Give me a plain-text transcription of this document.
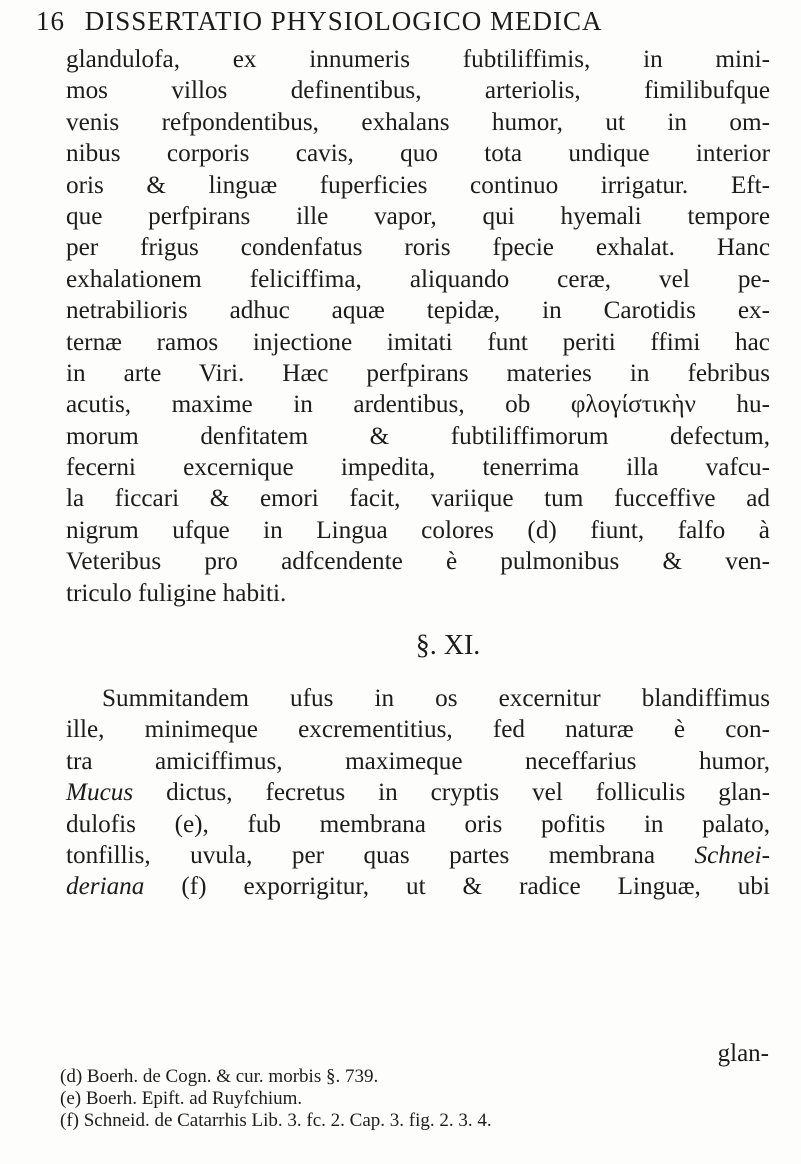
16 DISSERTATIO PHYSIOLOGICO MEDICA
glandulofa, ex innumeris fubtiliffimis, in mini-
mos villos definentibus, arteriolis, fimilibufque
venis refpondentibus, exhalans humor, ut in om-
nibus corporis cavis, quo tota undique interior
oris & linguæ fuperficies continuo irrigatur. Eft-
que perfpirans ille vapor, qui hyemali tempore
per frigus condenfatus roris fpecie exhalat. Hanc
exhalationem feliciffima, aliquando ceræ, vel pe-
netrabilioris adhuc aquæ tepidæ, in Carotidis ex-
ternæ ramos injectione imitati funt periti ffimi hac
in arte Viri. Hæc perfpirans materies in febribus
acutis, maxime in ardentibus, ob φλογίστικὴν hu-
morum denfitatem & fubtiliffimorum defectum,
fecerni excernique impedita, tenerrima illa vafcu-
la ficcari & emori facit, variique tum fucceffive ad
nigrum ufque in Lingua colores (d) fiunt, falfo à
Veteribus pro adfcendente è pulmonibus & ven-
triculo fuligine habiti.
§. XI.
Summitandem ufus in os excernitur blandiffimus
ille, minimeque excrementitius, fed naturæ è con-
tra amiciffimus, maximeque neceffarius humor,
Mucus dictus, fecretus in cryptis vel folliculis glan-
dulofis (e), fub membrana oris pofitis in palato,
tonfillis, uvula, per quas partes membrana Schnei-
deriana (f) exporrigitur, ut & radice Linguæ, ubi
glan-
(d) Boerh. de Cogn. & cur. morbis §. 739.
(e) Boerh. Epift. ad Ruyfchium.
(f) Schneid. de Catarrhis Lib. 3. fc. 2. Cap. 3. fig. 2. 3. 4.
